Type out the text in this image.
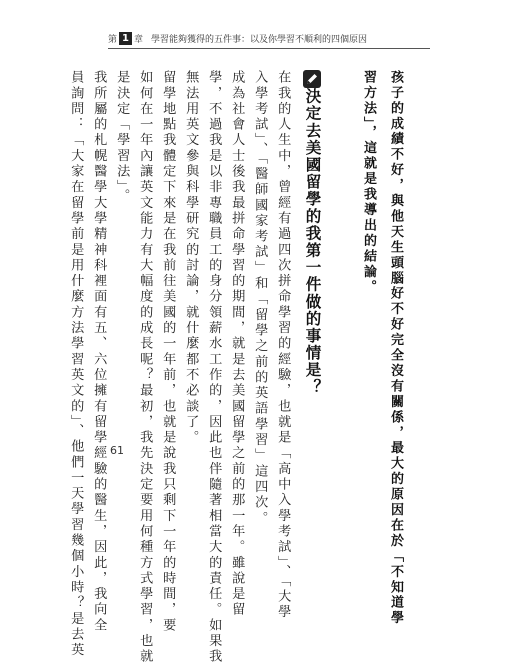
第 1 章 學習能夠獲得的五件事：以及你學習不順利的四個原因
孩子的成績不好，與他天生頭腦好不好完全沒有關係，最大的原因在於「不知道學
習方法」，這就是我導出的結論。
決定去美國留學的我第一件做的事情是？
在我的人生中，曾經有過四次拼命學習的經驗，也就是「高中入學考試」、「大學
入學考試」、「醫師國家考試」和「留學之前的英語學習」這四次。
成為社會人士後我最拼命學習的期間，就是去美國留學之前的那一年。雖說是留
學，不過我是以非專職員工的身分領薪水工作的，因此也伴隨著相當大的責任。如果我
無法用英文參與科學研究的討論，就什麼都不必談了。
留學地點我體定下來是在我前往美國的一年前，也就是說我只剩下一年的時間，要
如何在一年內讓英文能力有大幅度的成長呢？最初，我先決定要用何種方式學習，也就
是決定「學習法」。
我所屬的札幌醫學大學精神科裡面有五、六位擁有留學經驗的醫生，因此，我向全
員詢問：「大家在留學前是用什麼方法學習英文的」、他們一天學習幾個小時？是去英 61
